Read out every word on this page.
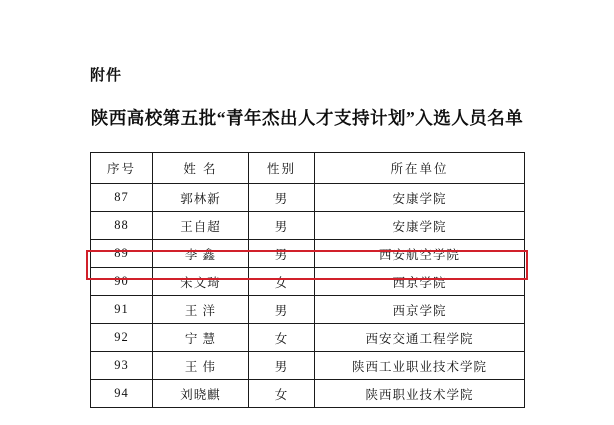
附件
陕西高校第五批“青年杰出人才支持计划”入选人员名单
序号	姓 名	性别	所在单位
87	郭林新	男	安康学院
88	王自超	男	安康学院
89	李 鑫	男	西安航空学院
90	宋文琦	女	西京学院
91	王 洋	男	西京学院
92	宁 慧	女	西安交通工程学院
93	王 伟	男	陕西工业职业技术学院
94	刘晓麒	女	陕西职业技术学院
